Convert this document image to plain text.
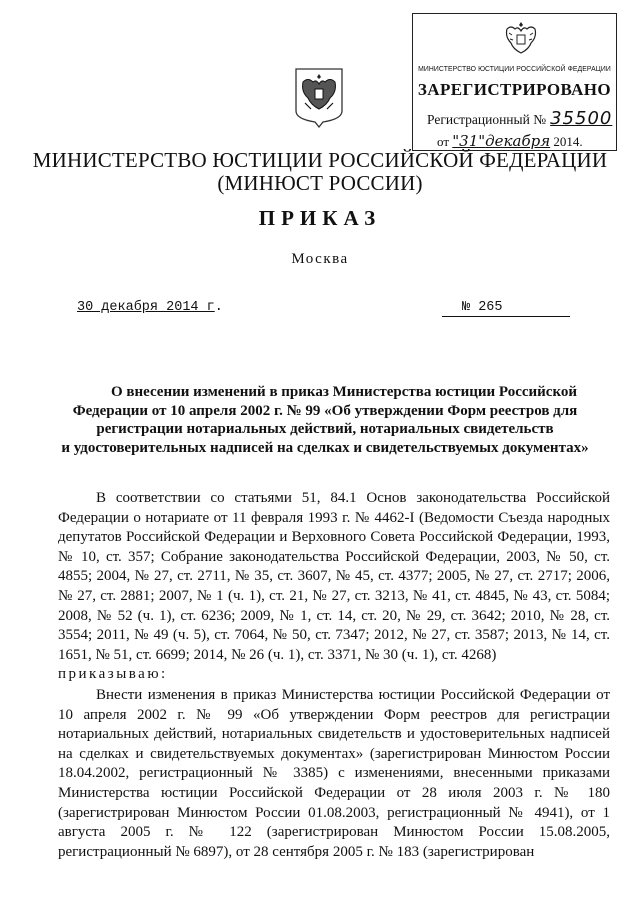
МИНИСТЕРСТВО ЮСТИЦИИ РОССИЙСКОЙ ФЕДЕРАЦИИ
ЗАРЕГИСТРИРОВАНО
Регистрационный № 35500
от "31"декабря 2014.
МИНИСТЕРСТВО ЮСТИЦИИ РОССИЙСКОЙ ФЕДЕРАЦИИ
(МИНЮСТ РОССИИ)
ПРИКАЗ
Москва
30 декабря 2014 г.	№ 265
О внесении изменений в приказ Министерства юстиции Российской
Федерации от 10 апреля 2002 г. № 99 «Об утверждении Форм реестров для
регистрации нотариальных действий, нотариальных свидетельств
и удостоверительных надписей на сделках и свидетельствуемых документах»
В соответствии со статьями 51, 84.1 Основ законодательства Российской Федерации о нотариате от 11 февраля 1993 г. № 4462-I (Ведомости Съезда народных депутатов Российской Федерации и Верховного Совета Российской Федерации, 1993, № 10, ст. 357; Собрание законодательства Российской Федерации, 2003, № 50, ст. 4855; 2004, № 27, ст. 2711, № 35, ст. 3607, № 45, ст. 4377; 2005, № 27, ст. 2717; 2006, № 27, ст. 2881; 2007, № 1 (ч. 1), ст. 21, № 27, ст. 3213, № 41, ст. 4845, № 43, ст. 5084; 2008, № 52 (ч. 1), ст. 6236; 2009, № 1, ст. 14, ст. 20, № 29, ст. 3642; 2010, № 28, ст. 3554; 2011, № 49 (ч. 5), ст. 7064, № 50, ст. 7347; 2012, № 27, ст. 3587; 2013, № 14, ст. 1651, № 51, ст. 6699; 2014, № 26 (ч. 1), ст. 3371, № 30 (ч. 1), ст. 4268)
приказываю:
Внести изменения в приказ Министерства юстиции Российской Федерации от 10 апреля 2002 г. № 99 «Об утверждении Форм реестров для регистрации нотариальных действий, нотариальных свидетельств и удостоверительных надписей на сделках и свидетельствуемых документах» (зарегистрирован Минюстом России 18.04.2002, регистрационный № 3385) с изменениями, внесенными приказами Министерства юстиции Российской Федерации от 28 июля 2003 г. № 180 (зарегистрирован Минюстом России 01.08.2003, регистрационный № 4941), от 1 августа 2005 г. № 122 (зарегистрирован Минюстом России 15.08.2005, регистрационный № 6897), от 28 сентября 2005 г. № 183 (зарегистрирован
